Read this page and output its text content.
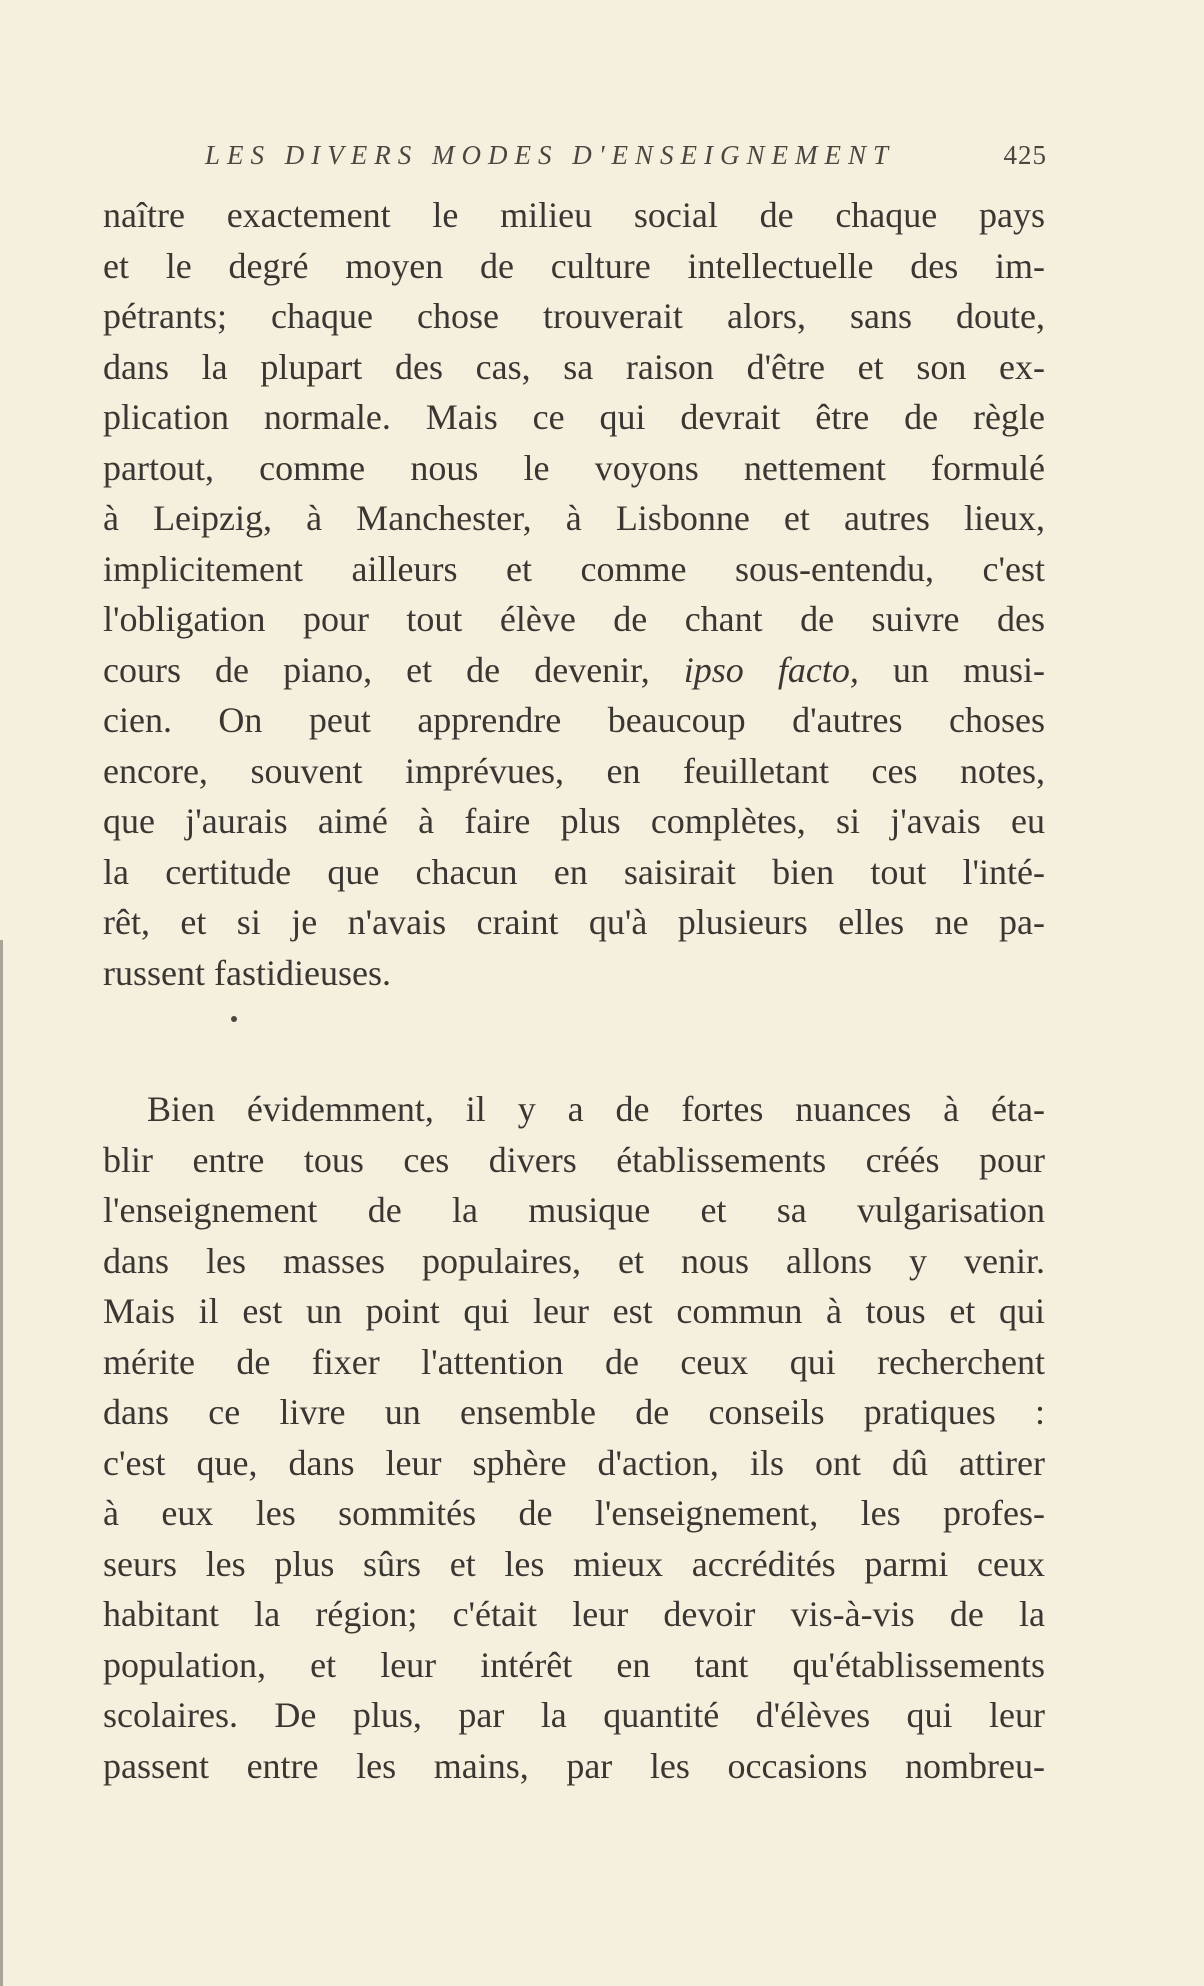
LES DIVERS MODES D'ENSEIGNEMENT	425
naître exactement le milieu social de chaque pays
et le degré moyen de culture intellectuelle des im-
pétrants; chaque chose trouverait alors, sans doute,
dans la plupart des cas, sa raison d'être et son ex-
plication normale. Mais ce qui devrait être de règle
partout, comme nous le voyons nettement formulé
à Leipzig, à Manchester, à Lisbonne et autres lieux,
implicitement ailleurs et comme sous-entendu, c'est
l'obligation pour tout élève de chant de suivre des
cours de piano, et de devenir, ipso facto, un musi-
cien. On peut apprendre beaucoup d'autres choses
encore, souvent imprévues, en feuilletant ces notes,
que j'aurais aimé à faire plus complètes, si j'avais eu
la certitude que chacun en saisirait bien tout l'inté-
rêt, et si je n'avais craint qu'à plusieurs elles ne pa-
russent fastidieuses.
Bien évidemment, il y a de fortes nuances à éta-
blir entre tous ces divers établissements créés pour
l'enseignement de la musique et sa vulgarisation
dans les masses populaires, et nous allons y venir.
Mais il est un point qui leur est commun à tous et qui
mérite de fixer l'attention de ceux qui recherchent
dans ce livre un ensemble de conseils pratiques :
c'est que, dans leur sphère d'action, ils ont dû attirer
à eux les sommités de l'enseignement, les profes-
seurs les plus sûrs et les mieux accrédités parmi ceux
habitant la région; c'était leur devoir vis-à-vis de la
population, et leur intérêt en tant qu'établissements
scolaires. De plus, par la quantité d'élèves qui leur
passent entre les mains, par les occasions nombreu-
